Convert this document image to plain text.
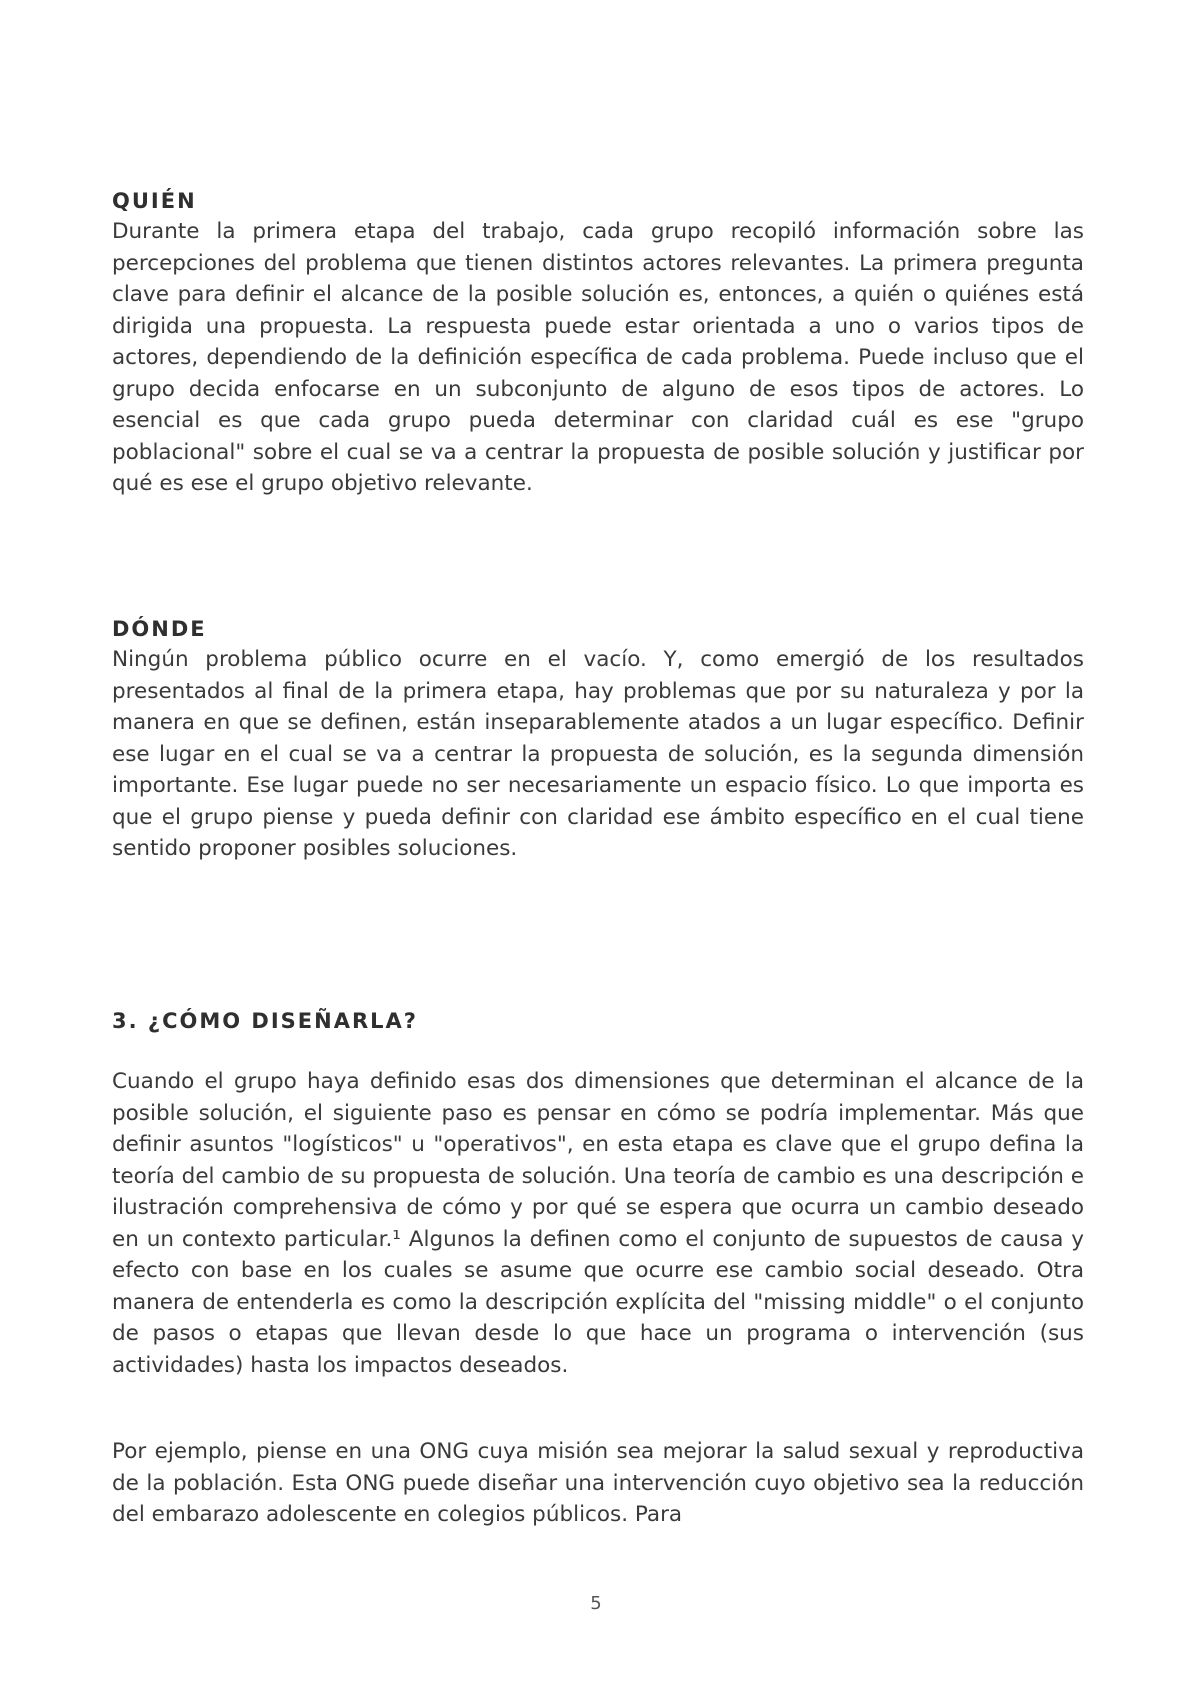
QUIÉN

Durante la primera etapa del trabajo, cada grupo recopiló información sobre las percepciones del problema que tienen distintos actores relevantes. La primera pregunta clave para definir el alcance de la posible solución es, entonces, a quién o quiénes está dirigida una propuesta. La respuesta puede estar orientada a uno o varios tipos de actores, dependiendo de la definición específica de cada problema. Puede incluso que el grupo decida enfocarse en un subconjunto de alguno de esos tipos de actores. Lo esencial es que cada grupo pueda determinar con claridad cuál es ese "grupo poblacional" sobre el cual se va a centrar la propuesta de posible solución y justificar por qué es ese el grupo objetivo relevante.

DÓNDE

Ningún problema público ocurre en el vacío. Y, como emergió de los resultados presentados al final de la primera etapa, hay problemas que por su naturaleza y por la manera en que se definen, están inseparablemente atados a un lugar específico. Definir ese lugar en el cual se va a centrar la propuesta de solución, es la segunda dimensión importante. Ese lugar puede no ser necesariamente un espacio físico. Lo que importa es que el grupo piense y pueda definir con claridad ese ámbito específico en el cual tiene sentido proponer posibles soluciones.

3. ¿CÓMO DISEÑARLA?

Cuando el grupo haya definido esas dos dimensiones que determinan el alcance de la posible solución, el siguiente paso es pensar en cómo se podría implementar. Más que definir asuntos "logísticos" u "operativos", en esta etapa es clave que el grupo defina la teoría del cambio de su propuesta de solución. Una teoría de cambio es una descripción e ilustración comprehensiva de cómo y por qué se espera que ocurra un cambio deseado en un contexto particular.¹ Algunos la definen como el conjunto de supuestos de causa y efecto con base en los cuales se asume que ocurre ese cambio social deseado. Otra manera de entenderla es como la descripción explícita del "missing middle" o el conjunto de pasos o etapas que llevan desde lo que hace un programa o intervención (sus actividades) hasta los impactos deseados.

Por ejemplo, piense en una ONG cuya misión sea mejorar la salud sexual y reproductiva de la población. Esta ONG puede diseñar una intervención cuyo objetivo sea la reducción del embarazo adolescente en colegios públicos. Para

5
